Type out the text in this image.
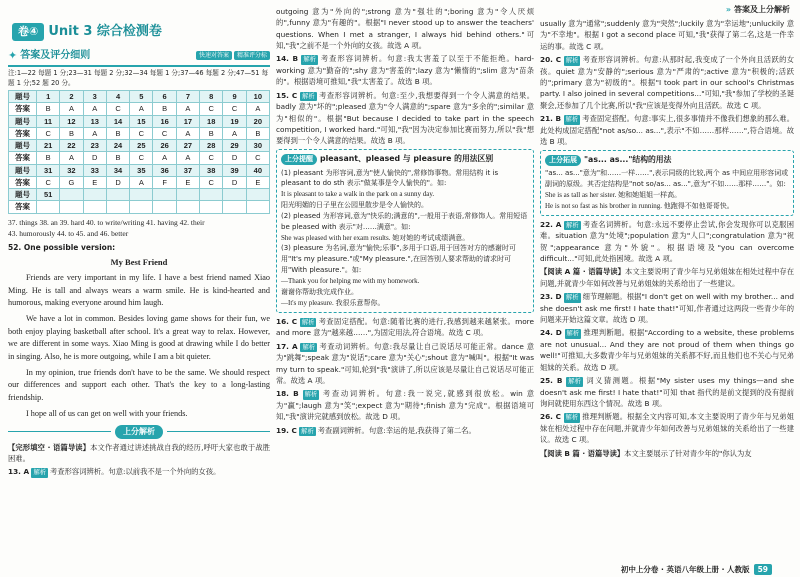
» 答案及上分解析
卷④ Unit 3 综合检测卷
✦ 答案及评分细则	快速对答案	精准评分标
注:1—22 每题 1 分;23—31 每题 2 分;32—34 每题 1 分;37—46 每题 2 分;47—51 每题 1 分;52 题 20 分。
题号	1	2	3	4	5	6	7	8	9	10
答案	B	A	A	C	A	B	A	C	C	A
题号	11	12	13	14	15	16	17	18	19	20
答案	C	B	A	B	C	C	A	B	A	B
题号	21	22	23	24	25	26	27	28	29	30
答案	B	A	D	B	C	A	A	C	D	C
题号	31	32	33	34	35	36	37	38	39	40
答案	C	G	E	D	A	F	E	C	D	E
题号	51									
答案										
37. things 38. an 39. hard 40. to write/writing 41. having 42. their
43. humorously 44. to 45. and 46. better
52. One possible version:
My Best Friend

Friends are very important in my life. I have a best friend named Xiao Ming. He is tall and always wears a warm smile. He is kind-hearted and humorous, making everyone around him laugh.

We have a lot in common. Besides loving game shows for their fun, we both enjoy playing basketball after school. It's a great way to relax. However, we are different in some ways. Xiao Ming is good at drawing while I do better in singing. Also, he is more outgoing, while I am a bit quieter.

In my opinion, true friends don't have to be the same. We should respect our differences and support each other. That's the key to a long-lasting friendship.

I hope all of us can get on well with your friends.

上分解析
【完形填空 · 语篇导读】本文作者通过讲述挑战自我的经历,呼吁大家也敢于战胜困难。
13. A 解析 考查形容词辨析。句意:以前我不是一个外向的女孩。
outgoing 意为"外向的";strong 意为"强壮的";boring 意为"令人厌烦的",funny 意为"有趣的"。根据"I never stood up to answer the teachers' questions. When I met a stranger, I always hid behind others."可知,"我"之前不是一个外向的女孩。故选 A 项。
14. B 解析 考查形容词辨析。句意:我太害羞了以至于不能拒绝。hard-working 意为"勤奋的";shy 意为"害羞的";lazy 意为"懒惰的";slim 意为"苗条的"。根据语境可推知,"我"太害羞了。故选 B 项。
15. C 解析 考查形容词辨析。句意:至少,我想要得到一个令人满意的结果。badly 意为"坏的";pleased 意为"令人满意的";spare 意为"多余的";similar 意为"相似的"。根据"But because I decided to take part in the speech competition, I worked hard."可知,"我"因为决定参加比赛而努力,所以"我"想要得到一个令人满意的结果。故选 B 项。
上分提醒 pleasant、pleased 与 pleasure 的用法区别
(1) pleasant 为形容词,意为"使人愉快的",常修饰事物。常用结构 it is pleasant to do sth 表示"做某事是令人愉快的"。如:
It is pleasant to take a walk in the park on a sunny day.
阳光明媚的日子里在公园里散步是令人愉快的。
(2) pleased 为形容词,意为"快乐的;满意的",一般用于表语,常修饰人。常用短语 be pleased with 表示"对……满意"。如:
She was pleased with her exam results. 她对她的考试成绩满意。
(3) pleasure 为名词,意为"愉快;乐事",多用于口语,用于回答对方的感谢时可用"It's my pleasure."或"My pleasure.",在回答别人要求帮助的请求时可用"With pleasure."。如:
—Thank you for helping me with my homework.
谢谢你帮助我完成作业。
—It's my pleasure. 我很乐意帮你。
16. C 解析 考查固定搭配。句意:随着比赛的进行,我感到越来越紧张。more and more 意为"越来越……",为固定用法,符合语境。故选 C 项。
17. A 解析 考查动词辨析。句意:我尽量让自己说话尽可能正常。dance 意为"跳舞";speak 意为"说话";care 意为"关心";shout 意为"喊叫"。根据"It was my turn to speak."可知,轮到"我"演讲了,所以应该是尽量让自己说话尽可能正常。故选 A 项。
18. B 解析 考查动词辨析。句意:我一说完,就感到很放松。win 意为"赢";laugh 意为"笑";expect 意为"期待";finish 意为"完成"。根据语境可知,"我"演讲完就感到放松。故选 D 项。
19. C 解析 考查副词辨析。句意:幸运的是,我获得了第二名。
usually 意为"通常";suddenly 意为"突然";luckily 意为"幸运地";unluckily 意为"不幸地"。根据 I got a second place 可知,"我"获得了第二名,这是一件幸运的事。故选 C 项。
20. C 解析 考查形容词辨析。句意:从那时起,我变成了一个外向且活跃的女孩。quiet 意为"安静的";serious 意为"严肃的";active 意为"积极的;活跃的";primary 意为"初级的"。根据"I took part in our school's Christmas party. I also joined in several competitions..."可知,"我"参加了学校的圣诞聚会,还参加了几个比赛,所以"我"应该是变得外向且活跃。故选 C 项。
21. B 解析 考查固定搭配。句意:事实上,很多事情并不像我们想象的那么难。此处构成固定搭配"not as/so... as...",表示"不如……那样……",符合语境。故选 B 项。
上分拓展 "as... as..."结构的用法
"as... as..."意为"和……一样……",表示同级的比较,两个 as 中间应用形容词或副词的原级。其否定结构是"not so/as... as...",意为"不如……那样……"。如:
She is as tall as her sister. 她和她姐姐一样高。
He is not so fast as his brother in running. 他跑得不如他哥哥快。
22. A 解析 考查名词辨析。句意:永远不要停止尝试,你会发现你可以克服困难。situation 意为"处境";population 意为"人口";congratulation 意为"祝贺";appearance 意为"外貌"。根据语境及"you can overcome difficult..."可知,此处指困境。故选 A 项。
【阅读 A 篇 · 语篇导读】本文主要说明了青少年与兄弟姐妹在相处过程中存在问题,并就青少年如何改善与兄弟姐妹的关系给出了一些建议。
23. D 解析 细节理解题。根据"I don't get on well with my brother... and she doesn't ask me first! I hate that!"可知,作者通过这两段一些青少年的问题来开始这篇文章。故选 D 项。
24. D 解析 推理判断题。根据"According to a website, these problems are not unusual... And they are not proud of them when things go well!"可推知,大多数青少年与兄弟姐妹的关系都不好,而且他们也不关心与兄弟姐妹的关系。故选 D 项。
25. B 解析 词义猜测题。根据"My sister uses my things—and she doesn't ask me first! I hate that!"可知 that 指代的是前文提到的没有提前询问就使用东西这个情况。故选 B 项。
26. C 解析 推理判断题。根据全文内容可知,本文主要说明了青少年与兄弟姐妹在相处过程中存在问题,并就青少年如何改善与兄弟姐妹的关系给出了一些建议。故选 C 项。
【阅读 B 篇 · 语篇导读】本文主要展示了针对青少年的"你认为友
初中上分卷 · 英语八年级上册 · 人教版	59
